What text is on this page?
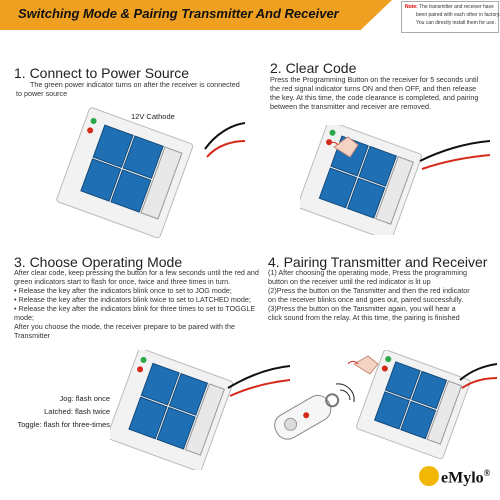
Switching Mode & Pairing Transmitter And Receiver	Note: The transmitter and receiver have
been paired with each other in factory.
You can directly install them for use.
1. Connect to Power Source
The green power indicator turns on after the receiver is connected
to power source
12V Cathode
2. Clear Code
Press the Programming Button on the receiver for 5 seconds until
the red signal indicator turns ON and then OFF, and then release
the key. At this time, the code clearance is completed, and pairing
between the transmitter and receiver are removed.
3. Choose Operating Mode
After clear code, keep pressing the button for a few seconds until the red and
green indicators start to flash for once, twice and three times in turn.
• Release the key after the indicators blink once to set to JOG mode;
• Release the key after the indicators blink twice to set to LATCHED mode;
• Release the key after the indicators blink for three times to set to TOGGLE
mode;
After you choose the mode, the receiver prepare to be paired with the
Transmitter
Jog: flash once
Latched: flash twice
Toggle: flash for three-times
4. Pairing Transmitter and Receiver
(1) After choosing the operating mode, Press the programming
button on the receiver until the red indicator is lit up
(2)Press the button on the Tansmitter and then the red indicator
on the receiver blinks once and goes out, paired successfully.
(3)Press the button on the Tansmitter again, you will hear a
click sound from the relay. At this time, the pairing is finished
eMylo®
